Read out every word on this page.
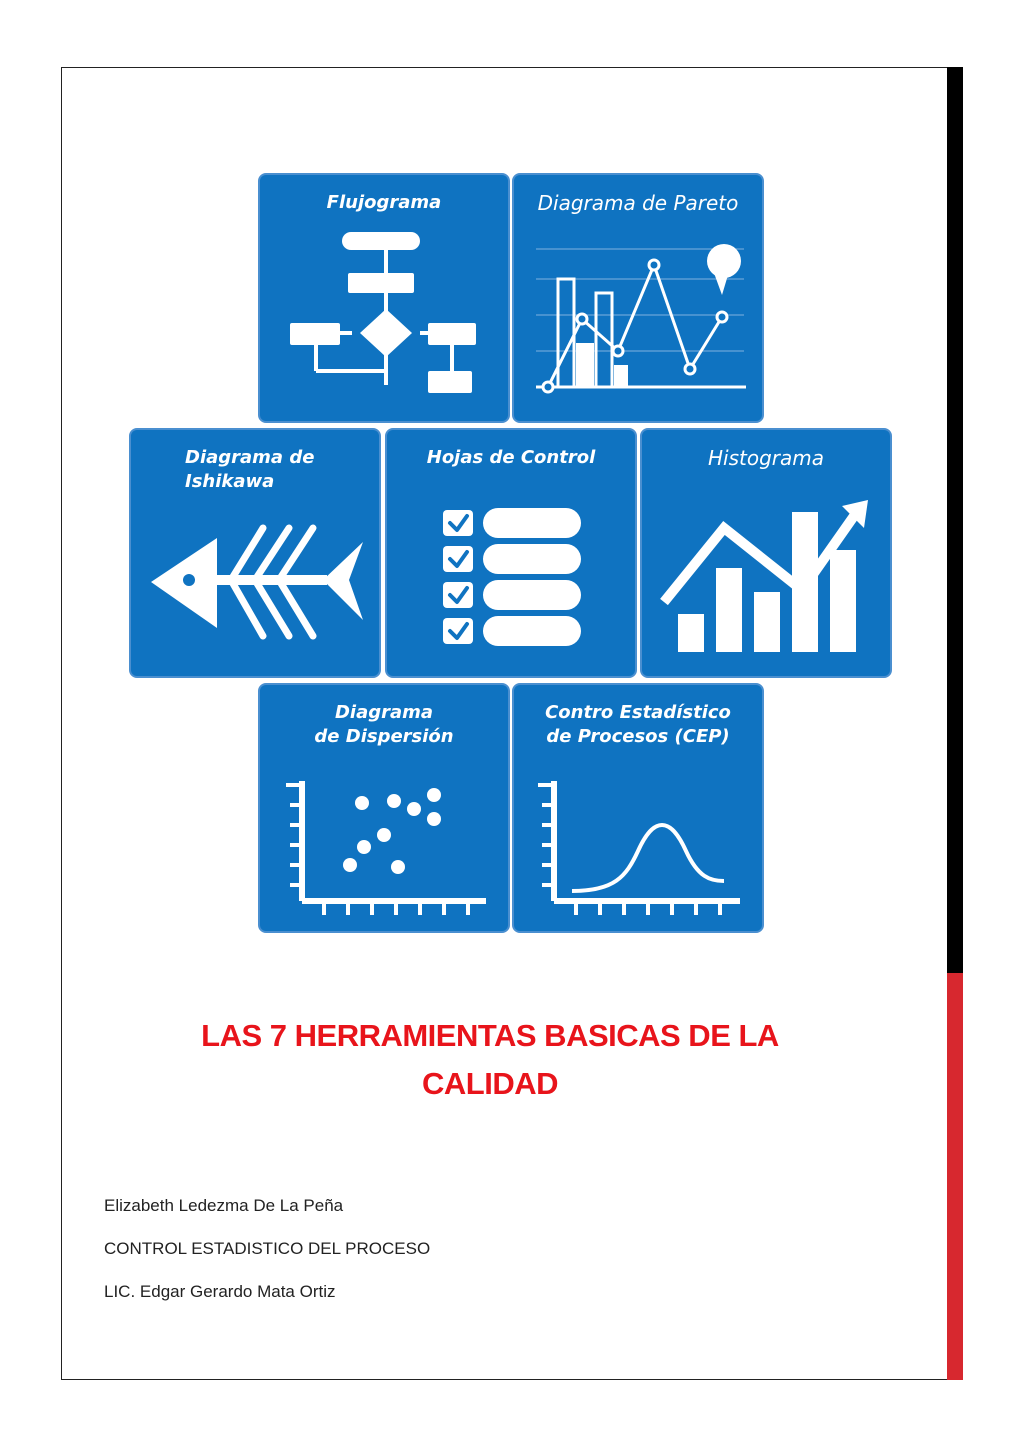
Flujograma	Diagrama de Pareto
Diagrama de
Ishikawa
Hojas de Control	Histograma
Diagrama
de Dispersión
Contro Estadístico
de Procesos (CEP)
LAS 7 HERRAMIENTAS BASICAS DE LA
CALIDAD
Elizabeth Ledezma De La Peña
CONTROL ESTADISTICO DEL PROCESO
LIC. Edgar Gerardo Mata Ortiz
